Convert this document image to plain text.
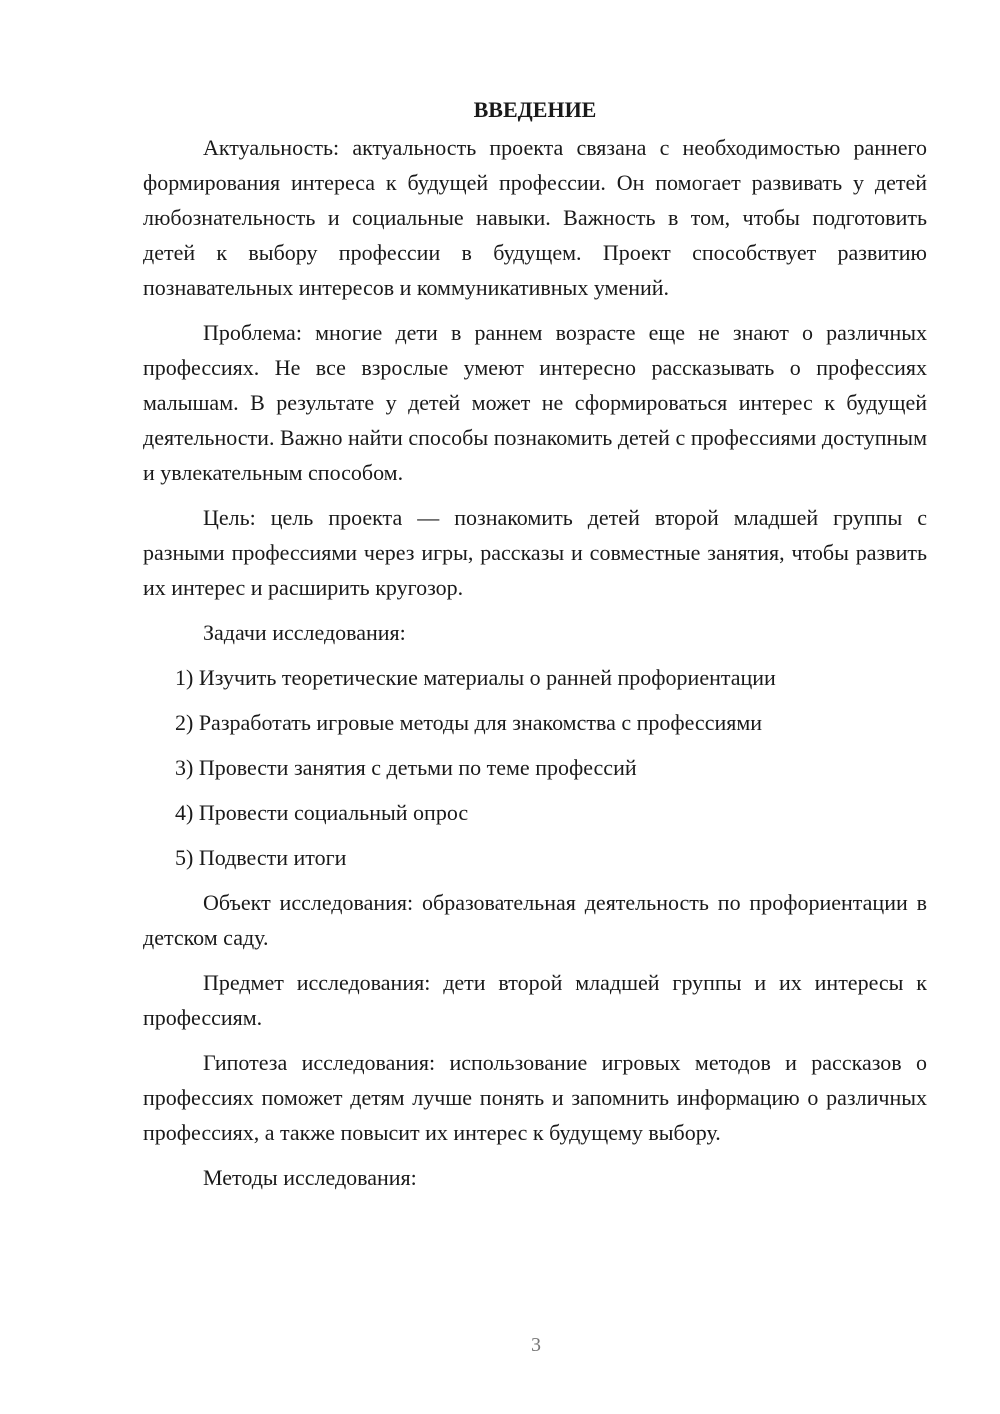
ВВЕДЕНИЕ

Актуальность: актуальность проекта связана с необходимостью раннего формирования интереса к будущей профессии. Он помогает развивать у детей любознательность и социальные навыки. Важность в том, чтобы подготовить детей к выбору профессии в будущем. Проект способствует развитию познавательных интересов и коммуникативных умений.

Проблема: многие дети в раннем возрасте еще не знают о различных профессиях. Не все взрослые умеют интересно рассказывать о профессиях малышам. В результате у детей может не сформироваться интерес к будущей деятельности. Важно найти способы познакомить детей с профессиями доступным и увлекательным способом.

Цель: цель проекта — познакомить детей второй младшей группы с разными профессиями через игры, рассказы и совместные занятия, чтобы развить их интерес и расширить кругозор.

Задачи исследования:

1) Изучить теоретические материалы о ранней профориентации
2) Разработать игровые методы для знакомства с профессиями
3) Провести занятия с детьми по теме профессий
4) Провести социальный опрос
5) Подвести итоги

Объект исследования: образовательная деятельность по профориентации в детском саду.

Предмет исследования: дети второй младшей группы и их интересы к профессиям.

Гипотеза исследования: использование игровых методов и рассказов о профессиях поможет детям лучше понять и запомнить информацию о различных профессиях, а также повысит их интерес к будущему выбору.

Методы исследования:

3
